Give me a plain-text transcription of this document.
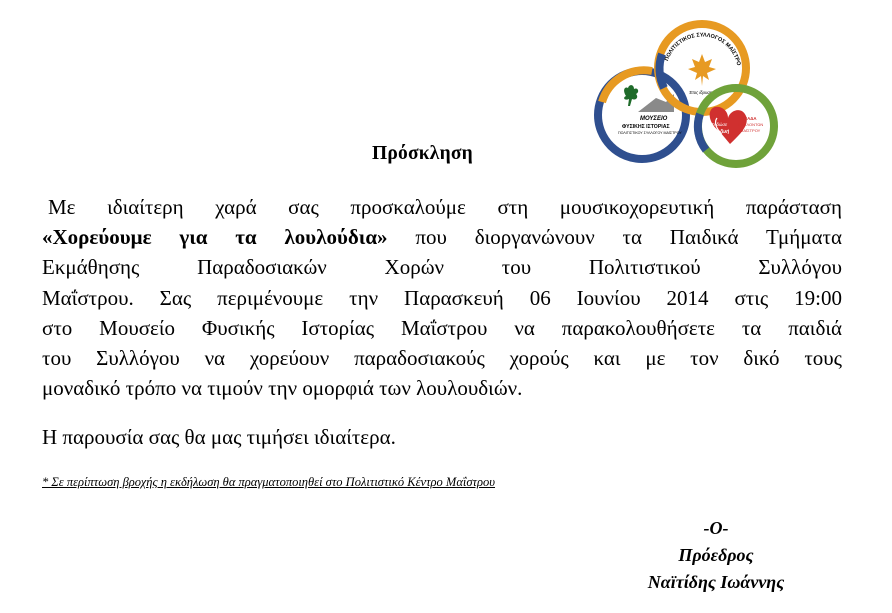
ΜΟΥΣΕΙΟ
ΦΥΣΙΚΗΣ ΙΣΤΟΡΙΑΣ
ΠΟΛΙΤΙΣΤΙΚΟΥ ΣΥΛΛΟΓΟΥ ΜΑΪΣΤΡΟΥ
ΠΟΛΙΤΙΣΤΙΚΟΣ ΣΥΛΛΟΓΟΣ ΜΑΪΣΤΡΟ
Έτος ίδρυσης 2004
ΟΜΑΔΑ
ΕΘΕΛΟΝΤΩΝ
ΜΑΪΣΤΡΟΥ
Το δώσε
ζωή
δίνει
Πρόσκληση
Με ιδιαίτερη χαρά σας προσκαλούμε στη μουσικοχορευτική παράσταση
«Χορεύουμε για τα λουλούδια» που διοργανώνουν τα Παιδικά Τμήματα
Εκμάθησης Παραδοσιακών Χορών του Πολιτιστικού Συλλόγου
Μαΐστρου. Σας περιμένουμε την Παρασκευή 06 Ιουνίου 2014 στις 19:00
στο Μουσείο Φυσικής Ιστορίας Μαΐστρου να παρακολουθήσετε τα παιδιά
του Συλλόγου να χορεύουν παραδοσιακούς χορούς και με τον δικό τους
μοναδικό τρόπο να τιμούν την ομορφιά των λουλουδιών.
Η παρουσία σας θα μας τιμήσει ιδιαίτερα.
* Σε περίπτωση βροχής η εκδήλωση θα πραγματοποιηθεί στο Πολιτιστικό Κέντρο Μαΐστρου
-Ο-
Πρόεδρος
Ναϊτίδης Ιωάννης
